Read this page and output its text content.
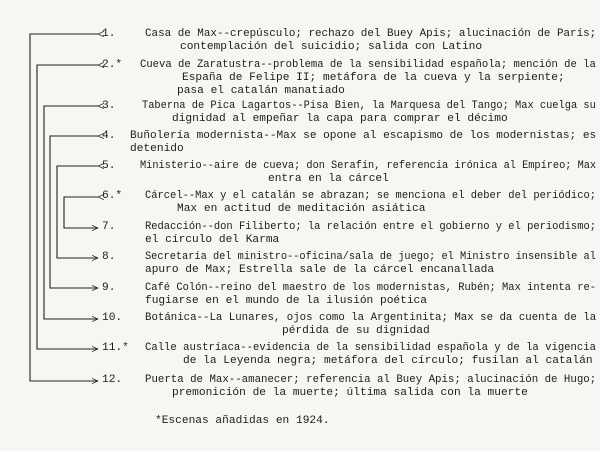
1.	Casa de Max--crepúsculo; rechazo del Buey Apis; alucinación de París;
contemplación del suicidio; salida con Latino
2.* Cueva de Zaratustra--problema de la sensibilidad española; mención de la
España de Felipe II; metáfora de la cueva y la serpiente;
pasa el catalán manatiado
3. Taberna de Pica Lagartos--Pisa Bien, la Marquesa del Tango; Max cuelga su
dignidad al empeñar la capa para comprar el décimo
4. Buñolería modernista--Max se opone al escapismo de los modernistas; es
detenido
5. Ministerio--aire de cueva; don Serafín, referencia irónica al Empíreo; Max
entra en la cárcel
6.* Cárcel--Max y el catalán se abrazan; se menciona el deber del periódico;
Max en actitud de meditación asiática
7.	Redacción--don Filiberto; la relación entre el gobierno y el periodismo;
el círculo del Karma
8.	Secretaría del ministro--oficina/sala de juego; el Ministro insensible al
apuro de Max; Estrella sale de la cárcel encanallada
9.	Café Colón--reino del maestro de los modernistas, Rubén; Max intenta re-
fugiarse en el mundo de la ilusión poética
10. Botánica--La Lunares, ojos como la Argentinita; Max se da cuenta de la
pérdida de su dignidad
11.* Calle austríaca--evidencia de la sensibilidad española y de la vigencia
de la Leyenda negra; metáfora del círculo; fusilan al catalán
12. Puerta de Max--amanecer; referencia al Buey Apis; alucinación de Hugo;
premonición de la muerte; última salida con la muerte
*Escenas añadidas en 1924.
